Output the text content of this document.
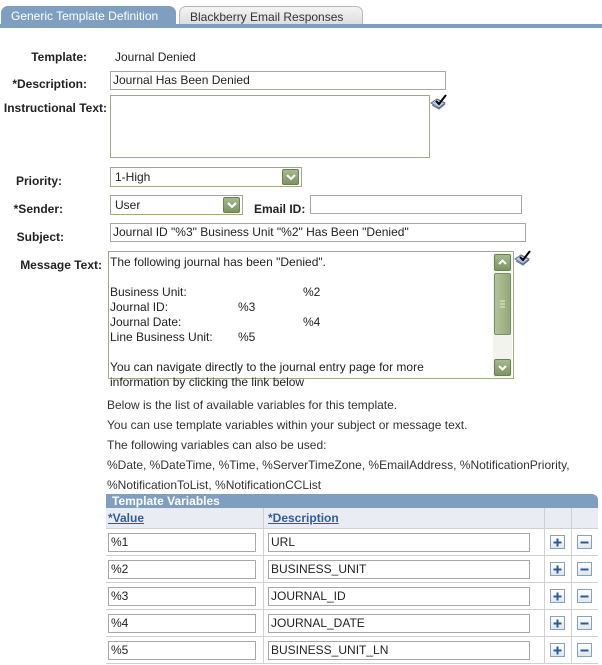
Generic Template Definition	Blackberry Email Responses
Template: Journal Denied
*Description: Journal Has Been Denied
Instructional Text:
Priority:	1-High
*Sender:	User	Email ID:
Subject:	Journal ID "%3" Business Unit "%2" Has Been "Denied"
Message Text: The following journal has been "Denied".
Business Unit:	%2
Journal ID:	%3
Journal Date:	%4
Line Business Unit: %5
You can navigate directly to the journal entry page for more
information by clicking the link below
Below is the list of available variables for this template.
You can use template variables within your subject or message text.
The following variables can also be used:
%Date, %DateTime, %Time, %ServerTimeZone, %EmailAddress, %NotificationPriority,
%NotificationToList, %NotificationCCList
Template Variables
*Value	*Description
%1	URL
%2	BUSINESS_UNIT
%3	JOURNAL_ID
%4	JOURNAL_DATE
%5	BUSINESS_UNIT_LN
